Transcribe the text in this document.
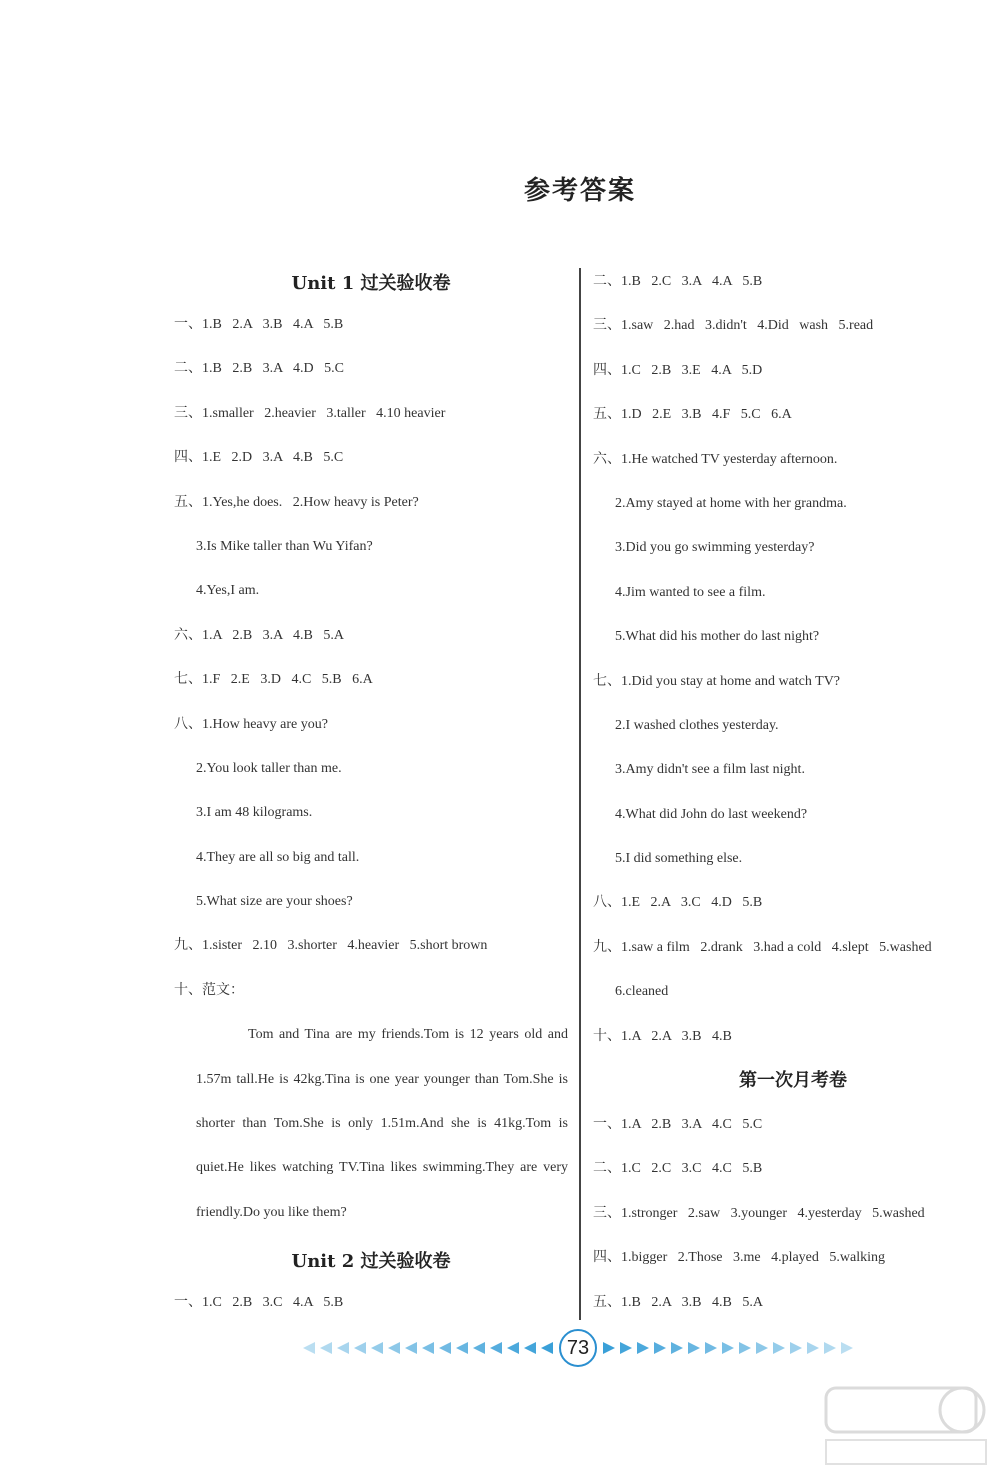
参考答案
Unit 1 过关验收卷
一、1.B   2.A   3.B   4.A   5.B
二、1.B   2.B   3.A   4.D   5.C
三、1.smaller   2.heavier   3.taller   4.10 heavier
四、1.E   2.D   3.A   4.B   5.C
五、1.Yes,he does.   2.How heavy is Peter?
3.Is Mike taller than Wu Yifan?
4.Yes,I am.
六、1.A   2.B   3.A   4.B   5.A
七、1.F   2.E   3.D   4.C   5.B   6.A
八、1.How heavy are you?
2.You look taller than me.
3.I am 48 kilograms.
4.They are all so big and tall.
5.What size are your shoes?
九、1.sister   2.10   3.shorter   4.heavier   5.short brown
十、范文：
Tom and Tina are my friends.Tom is 12 years old and 1.57m tall.He is 42kg.Tina is one year younger than Tom.She is shorter than Tom.She is only 1.51m.And she is 41kg.Tom is quiet.He likes watching TV.Tina likes swimming.They are very friendly.Do you like them?
Unit 2 过关验收卷
一、1.C   2.B   3.C   4.A   5.B
二、1.B   2.C   3.A   4.A   5.B
三、1.saw   2.had   3.didn't   4.Did   wash   5.read
四、1.C   2.B   3.E   4.A   5.D
五、1.D   2.E   3.B   4.F   5.C   6.A
六、1.He watched TV yesterday afternoon.
2.Amy stayed at home with her grandma.
3.Did you go swimming yesterday?
4.Jim wanted to see a film.
5.What did his mother do last night?
七、1.Did you stay at home and watch TV?
2.I washed clothes yesterday.
3.Amy didn't see a film last night.
4.What did John do last weekend?
5.I did something else.
八、1.E   2.A   3.C   4.D   5.B
九、1.saw a film   2.drank   3.had a cold   4.slept   5.washed
6.cleaned
十、1.A   2.A   3.B   4.B
第一次月考卷
一、1.A   2.B   3.A   4.C   5.C
二、1.C   2.C   3.C   4.C   5.B
三、1.stronger   2.saw   3.younger   4.yesterday   5.washed
四、1.bigger   2.Those   3.me   4.played   5.walking
五、1.B   2.A   3.B   4.B   5.A
73
